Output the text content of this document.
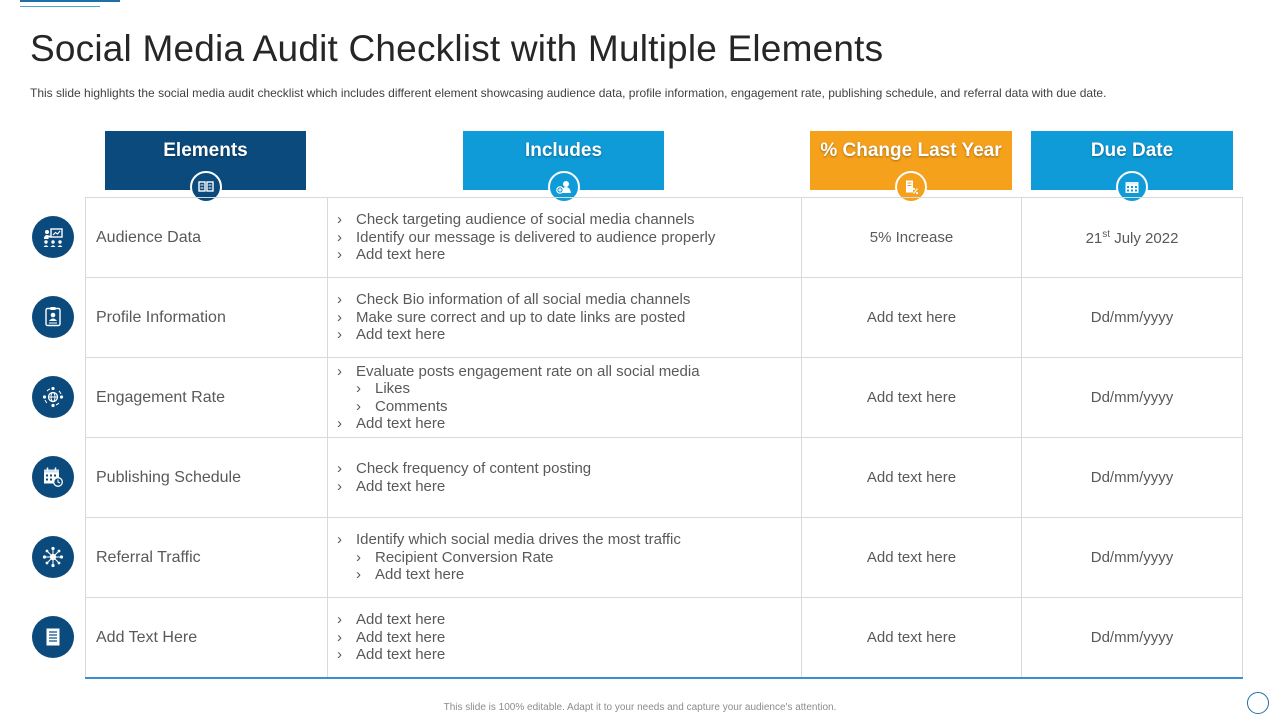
Social Media Audit Checklist with Multiple Elements
This slide highlights the social media audit checklist which includes different element showcasing audience data, profile information, engagement rate, publishing schedule, and referral data with due date.
Elements	Includes	% Change Last Year	Due Date
Audience Data	› Check targeting audience of social media channels
› Identify our message is delivered to audience properly
› Add text here	5% Increase	21st July 2022
Profile Information	› Check Bio information of all social media channels
› Make sure correct and up to date links are posted
› Add text here	Add text here	Dd/mm/yyyy
Engagement Rate	› Evaluate posts engagement rate on all social media
› Likes
› Comments
› Add text here	Add text here	Dd/mm/yyyy
Publishing Schedule	› Check frequency of content posting
› Add text here	Add text here	Dd/mm/yyyy
Referral Traffic	› Identify which social media drives the most traffic
› Recipient Conversion Rate
› Add text here	Add text here	Dd/mm/yyyy
Add Text Here	› Add text here
› Add text here
› Add text here	Add text here	Dd/mm/yyyy
This slide is 100% editable. Adapt it to your needs and capture your audience's attention.
